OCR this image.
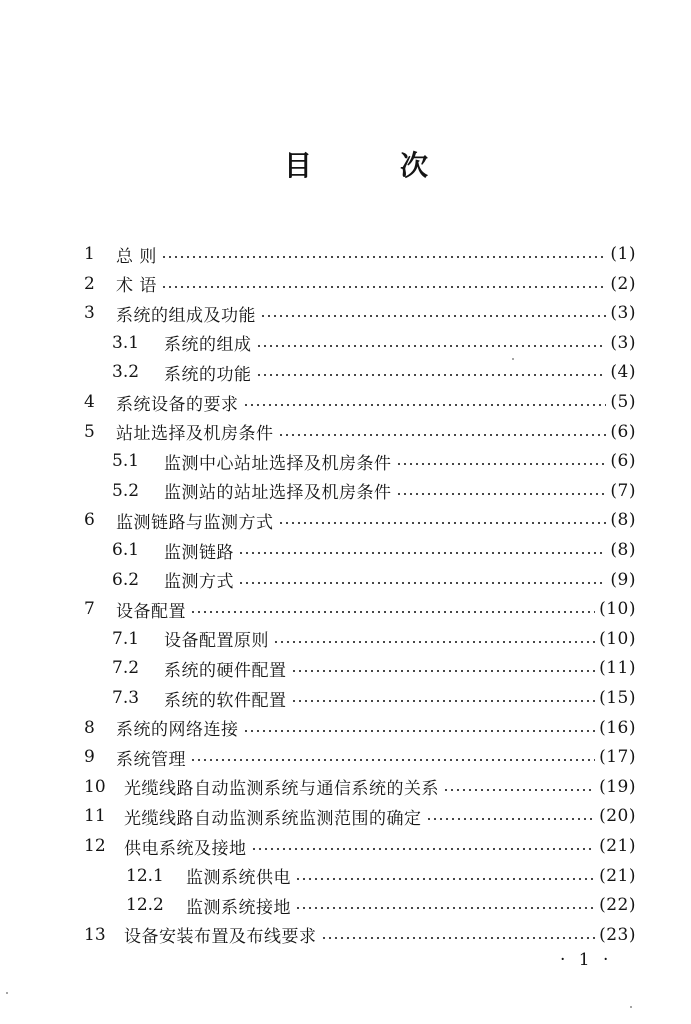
目	次
1	总 则	(1)
2	术 语	(2)
3	系统的组成及功能	(3)
3.1	系统的组成	(3)
3.2	系统的功能	(4)
4	系统设备的要求	(5)
5	站址选择及机房条件	(6)
5.1	监测中心站址选择及机房条件	(6)
5.2	监测站的站址选择及机房条件	(7)
6	监测链路与监测方式	(8)
6.1	监测链路	(8)
6.2	监测方式	(9)
7	设备配置	(10)
7.1	设备配置原则	(10)
7.2	系统的硬件配置	(11)
7.3	系统的软件配置	(15)
8	系统的网络连接	(16)
9	系统管理	(17)
10	光缆线路自动监测系统与通信系统的关系	(19)
11	光缆线路自动监测系统监测范围的确定	(20)
12	供电系统及接地	(21)
12.1	监测系统供电	(21)
12.2	监测系统接地	(22)
13	设备安装布置及布线要求	(23)
· 1 ·
